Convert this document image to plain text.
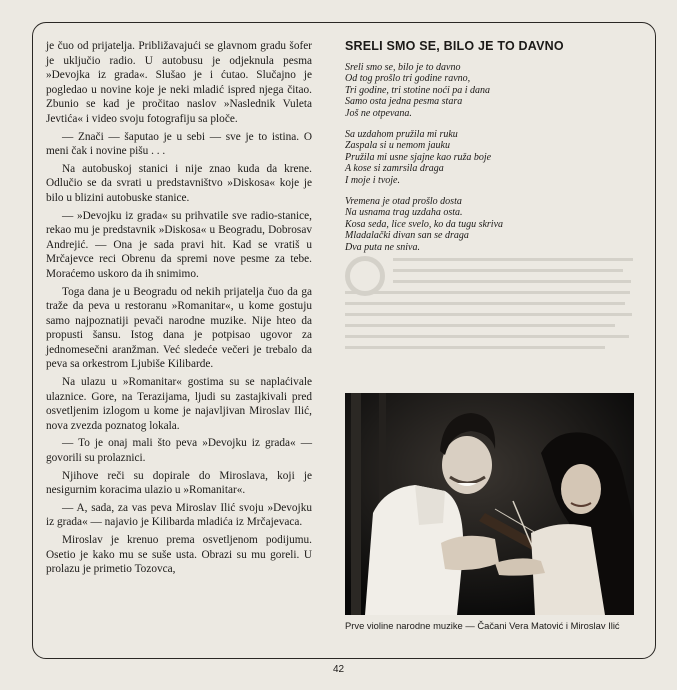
je čuo od prijatelja. Približavajući se glavnom gradu šofer je uključio radio. U autobusu je odjeknula pesma »Devojka iz grada«. Slušao je i ćutao. Slučajno je pogledao u novine koje je neki mladić ispred njega čitao. Zbunio se kad je pročitao naslov »Naslednik Vuleta Jevtića« i video svoju fotografiju sa ploče.

— Znači — šaputao je u sebi — sve je to istina. O meni čak i novine pišu . . .

Na autobuskoj stanici i nije znao kuda da krene. Odlučio se da svrati u predstavništvo »Diskosa« koje je bilo u blizini autobuske stanice.

— »Devojku iz grada« su prihvatile sve radio-stanice, rekao mu je predstavnik »Diskosa« u Beogradu, Dobrosav Andrejić. — Ona je sada pravi hit. Kad se vratiš u Mrčajevce reci Obrenu da spremi nove pesme za tebe. Moraćemo uskoro da ih snimimo.

Toga dana je u Beogradu od nekih prijatelja čuo da ga traže da peva u restoranu »Romanitar«, u kome gostuju samo najpoznatiji pevači narodne muzike. Nije hteo da propusti šansu. Istog dana je potpisao ugovor za jednomesečni aranžman. Već sledeće večeri je trebalo da peva sa orkestrom Ljubiše Kilibarde.

Na ulazu u »Romanitar« gostima su se naplaćivale ulaznice. Gore, na Terazijama, ljudi su zastajkivali pred osvetljenim izlogom u kome je najavljivan Miroslav Ilić, nova zvezda poznatog lokala.

— To je onaj mali što peva »Devojku iz grada« — govorili su prolaznici.

Njihove reči su dopirale do Miroslava, koji je nesigurnim koracima ulazio u »Romanitar«.

— A, sada, za vas peva Miroslav Ilić svoju »Devojku iz grada« — najavio je Kilibarda mladića iz Mrčajevaca.

Miroslav je krenuo prema osvetljenom podijumu. Osetio je kako mu se suše usta. Obrazi su mu goreli. U prolazu je primetio Tozovca,

SRELI SMO SE, BILO JE TO DAVNO
Sreli smo se, bilo je to davno
Od tog prošlo tri godine ravno,
Tri godine, tri stotine noći pa i dana
Samo osta jedna pesma stara
Još ne otpevana.
Sa uzdahom pružila mi ruku
Zaspala si u nemom jauku
Pružila mi usne sjajne kao ruža boje
A kose si zamrsila draga
I moje i tvoje.
Vremena je otad prošlo dosta
Na usnama trag uzdaha osta.
Kosa seda, lice svelo, ko da tugu skriva
Mladalački divan san se draga
Dva puta ne sniva.
Prve violine narodne muzike — Čačani Vera Matović i Miroslav Ilić
42
